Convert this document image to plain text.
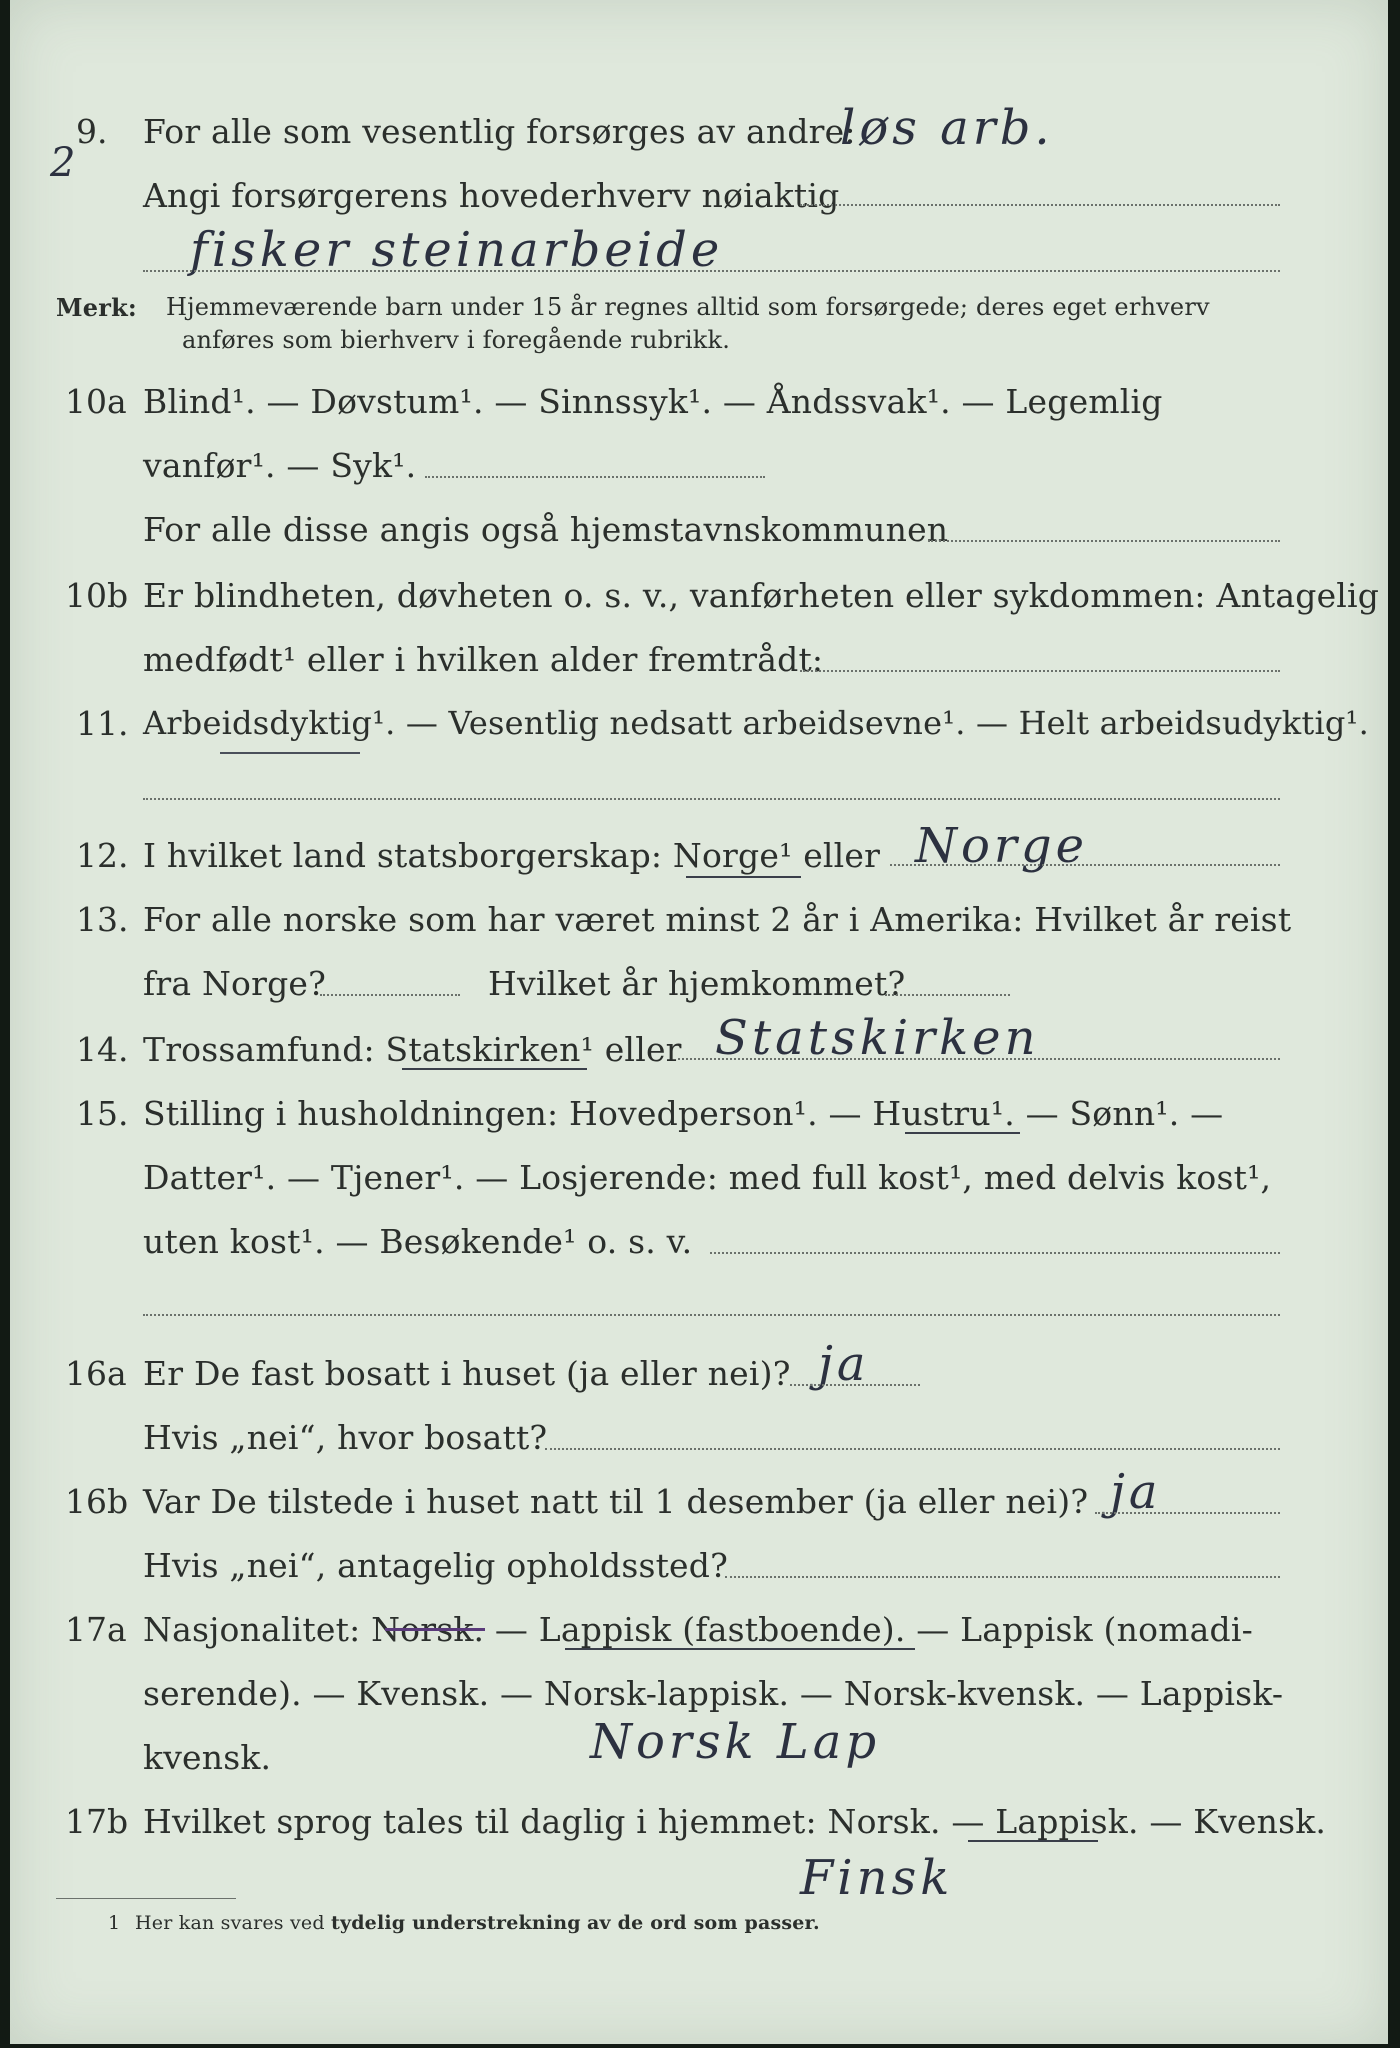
2
9. For alle som vesentlig forsørges av andre:
løs arb.
Angi forsørgerens hovederhverv nøiaktig
fisker steinarbeide
Merk: Hjemmeværende barn under 15 år regnes alltid som forsørgede; deres eget erhverv
anføres som bierhverv i foregående rubrikk.
10a Blind¹. — Døvstum¹. — Sinnssyk¹. — Åndssvak¹. — Legemlig
vanfør¹. — Syk¹.
For alle disse angis også hjemstavnskommunen
10b Er blindheten, døvheten o. s. v., vanførheten eller sykdommen: Antagelig
medfødt¹ eller i hvilken alder fremtrådt:
11. Arbeidsdyktig¹. — Vesentlig nedsatt arbeidsevne¹. — Helt arbeidsudyktig¹.
12. I hvilket land statsborgerskap: Norge¹ eller Norge
13. For alle norske som har været minst 2 år i Amerika: Hvilket år reist
fra Norge?	Hvilket år hjemkommet?
14. Trossamfund: Statskirken¹ eller Statskirken
15. Stilling i husholdningen: Hovedperson¹. — Hustru¹. — Sønn¹. —
Datter¹. — Tjener¹. — Losjerende: med full kost¹, med delvis kost¹,
uten kost¹. — Besøkende¹ o. s. v.
16a Er De fast bosatt i huset (ja eller nei)? ja
Hvis „nei“, hvor bosatt?
16b Var De tilstede i huset natt til 1 desember (ja eller nei)? ja
Hvis „nei“, antagelig opholdssted?
17a Nasjonalitet: Norsk. — Lappisk (fastboende). — Lappisk (nomadi-
serende). — Kvensk. — Norsk-lappisk. — Norsk-kvensk. — Lappisk-
kvensk.	Norsk Lap
17b Hvilket sprog tales til daglig i hjemmet: Norsk. — Lappisk. — Kvensk.
Finsk
1 Her kan svares ved tydelig understrekning av de ord som passer.
